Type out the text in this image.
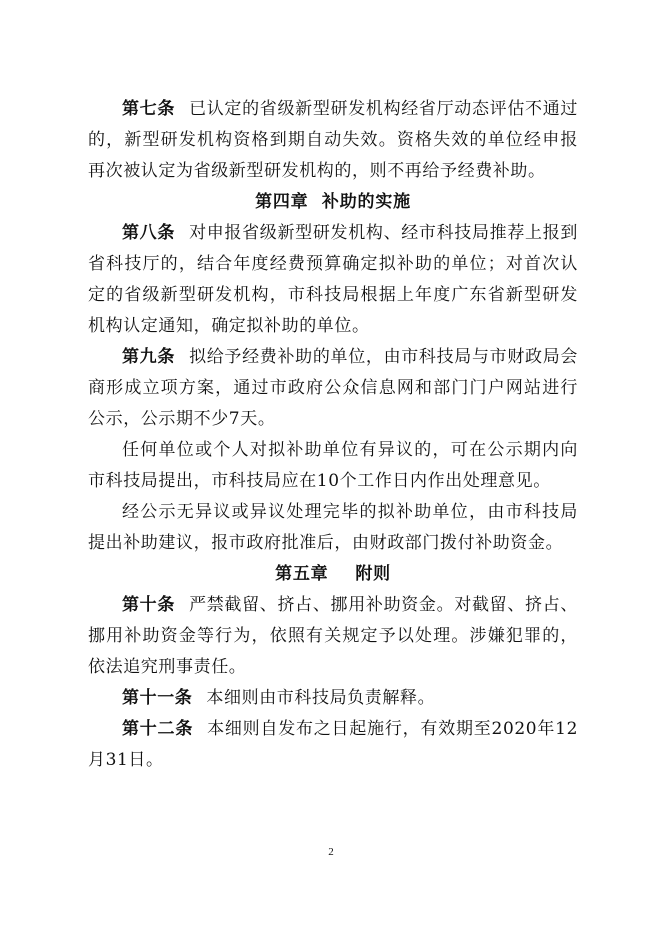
第七条 已认定的省级新型研发机构经省厅动态评估不通过的，新型研发机构资格到期自动失效。资格失效的单位经申报再次被认定为省级新型研发机构的，则不再给予经费补助。

第四章  补助的实施

第八条 对申报省级新型研发机构、经市科技局推荐上报到省科技厅的，结合年度经费预算确定拟补助的单位；对首次认定的省级新型研发机构，市科技局根据上年度广东省新型研发机构认定通知，确定拟补助的单位。

第九条 拟给予经费补助的单位，由市科技局与市财政局会商形成立项方案，通过市政府公众信息网和部门门户网站进行公示，公示期不少7天。

任何单位或个人对拟补助单位有异议的，可在公示期内向市科技局提出，市科技局应在10个工作日内作出处理意见。

经公示无异议或异议处理完毕的拟补助单位，由市科技局提出补助建议，报市政府批准后，由财政部门拨付补助资金。

第五章    附则

第十条 严禁截留、挤占、挪用补助资金。对截留、挤占、挪用补助资金等行为，依照有关规定予以处理。涉嫌犯罪的，依法追究刑事责任。

第十一条 本细则由市科技局负责解释。

第十二条 本细则自发布之日起施行，有效期至2020年12月31日。

2
